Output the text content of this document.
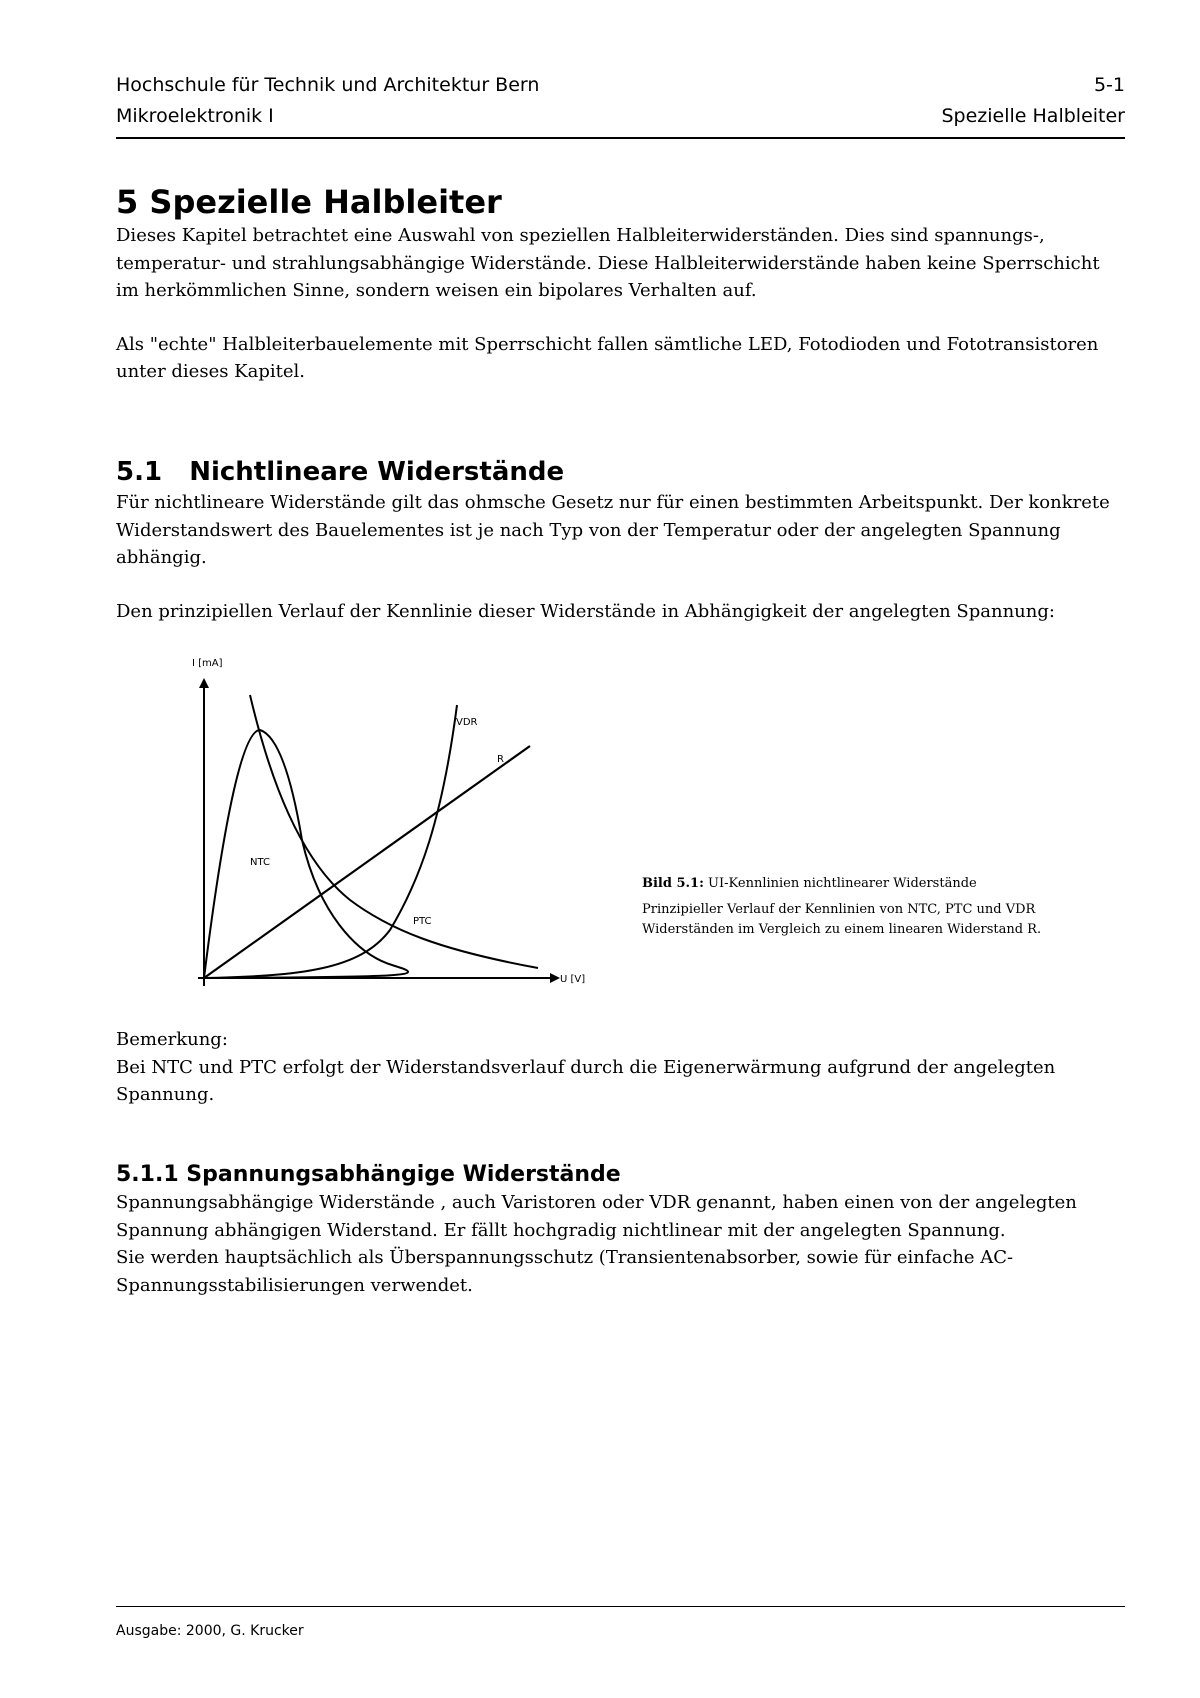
Hochschule für Technik und Architektur Bern
Mikroelektronik I
5-1
Spezielle Halbleiter
5 Spezielle Halbleiter

Dieses Kapitel betrachtet eine Auswahl von speziellen Halbleiterwiderständen. Dies sind spannungs-, temperatur- und strahlungsabhängige Widerstände. Diese Halbleiterwiderstände haben keine Sperrschicht im herkömmlichen Sinne, sondern weisen ein bipolares Verhalten auf.

Als "echte" Halbleiterbauelemente mit Sperrschicht fallen sämtliche LED, Fotodioden und Fototransistoren unter dieses Kapitel.

5.1   Nichtlineare Widerstände

Für nichtlineare Widerstände gilt das ohmsche Gesetz nur für einen bestimmten Arbeitspunkt. Der konkrete Widerstandswert des Bauelementes ist je nach Typ von der Temperatur oder der angelegten Spannung abhängig.

Den prinzipiellen Verlauf der Kennlinie dieser Widerstände in Abhängigkeit der angelegten Spannung:

I [mA]
U [V]
VDR
R
NTC
PTC

Bild 5.1: UI-Kennlinien nichtlinearer Widerstände

Prinzipieller Verlauf der Kennlinien von NTC, PTC und VDR Widerständen im Vergleich zu einem linearen Widerstand R.

Bemerkung:

Bei NTC und PTC erfolgt der Widerstandsverlauf durch die Eigenerwärmung aufgrund der angelegten Spannung.

5.1.1 Spannungsabhängige Widerstände

Spannungsabhängige Widerstände , auch Varistoren oder VDR genannt, haben einen von der angelegten Spannung abhängigen Widerstand. Er fällt hochgradig nichtlinear mit der angelegten Spannung.

Sie werden hauptsächlich als Überspannungsschutz (Transientenabsorber, sowie für einfache AC-Spannungsstabilisierungen verwendet.

Ausgabe: 2000, G. Krucker
